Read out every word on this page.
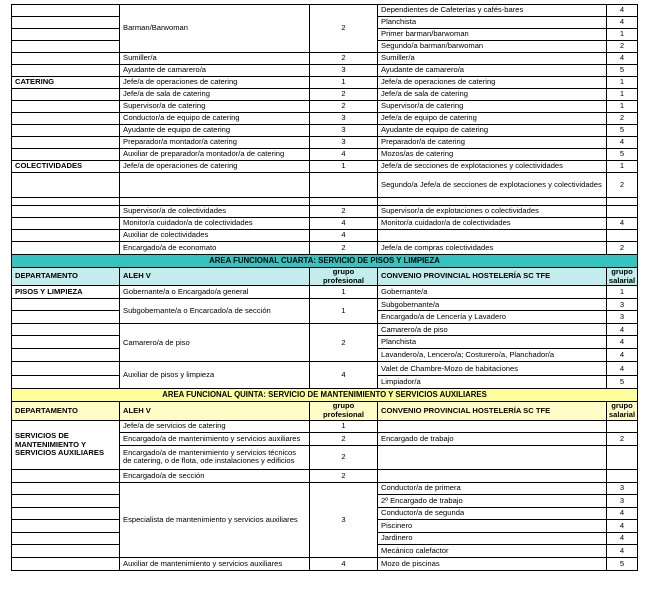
	Barman/Barwoman	2	Dependientes de Cafeterías y cafés-bares	4
			Planchista	4
			Primer barman/barwoman	1
			Segundo/a barman/barwoman	2
	Sumiller/a	2	Sumiller/a	4
	Ayudante de camarero/a	3	Ayudante de camarero/a	5
CATERING	Jefe/a de operaciones de catering	1	Jefe/a de operaciones de catering	1
	Jefe/a de sala de catering	2	Jefe/a de sala de catering	1
	Supervisor/a de catering	2	Supervisor/a de catering	1
	Conductor/a de equipo de catering	3	Jefe/a de equipo de catering	2
	Ayudante de equipo de catering	3	Ayudante de equipo de catering	5
	Preparador/a montador/a catering	3	Preparador/a de catering	4
	Auxiliar de preparador/a montador/a de catering	4	Mozos/as de catering	5
COLECTIVIDADES	Jefe/a de operaciones de catering	1	Jefe/a de secciones de explotaciones y colectividades	1
			Segundo/a Jefe/a de secciones de explotaciones y colectividades	2

	Supervisor/a de colectividades	2	Supervisor/a de explotaciones o colectividades	
	Monitor/a cuidador/a de colectividades	4	Monitor/a cuidador/a de colectividades	4
	Auxiliar de colectividades	4		
	Encargado/a de economato	2	Jefe/a de compras colectividades	2
AREA FUNCIONAL CUARTA: SERVICIO DE PISOS Y LIMPIEZA				
DEPARTAMENTO	ALEH V	grupo profesional	CONVENIO PROVINCIAL HOSTELERÍA SC TFE	grupo salarial
PISOS Y LIMPIEZA	Gobernante/a o Encargado/a general	1	Gobernante/a	1
	Subgobernante/a o Encarcado/a de sección	1	Subgobernante/a	3
			Encargado/a de Lencería y Lavadero	3
	Camarero/a de piso	2	Camarero/a de piso	4
			Planchista	4
			Lavandero/a, Lencero/a; Costurero/a, Planchador/a	4
	Auxiliar de pisos y limpieza	4	Valet de Chambre-Mozo de habitaciones	4
			Limpiador/a	5
AREA FUNCIONAL QUINTA: SERVICIO DE MANTENIMIENTO Y SERVICIOS AUXILIARES				
DEPARTAMENTO	ALEH V	grupo profesional	CONVENIO PROVINCIAL HOSTELERÍA SC TFE	grupo salarial
SERVICIOS DE MANTENIMIENTO Y SERVICIOS AUXILIARES	Jefe/a de servicios de catering	1		
	Encargado/a de mantenimiento y servicios auxiliares	2	Encargado de trabajo	2
	Encargado/a de mantenimiento y servicios técnicos de catering, o de flota, ode instalaciones y edificios	2		
	Encargado/a de sección	2		
	Especialista de mantenimiento y servicios auxiliares	3	Conductor/a de primera	3
			2º Encargado de trabajo	3
			Conductor/a de segunda	4
			Piscinero	4
			Jardinero	4
			Mecánico calefactor	4
	Auxiliar de mantenimiento y servicios auxiliares	4	Mozo de piscinas	5
